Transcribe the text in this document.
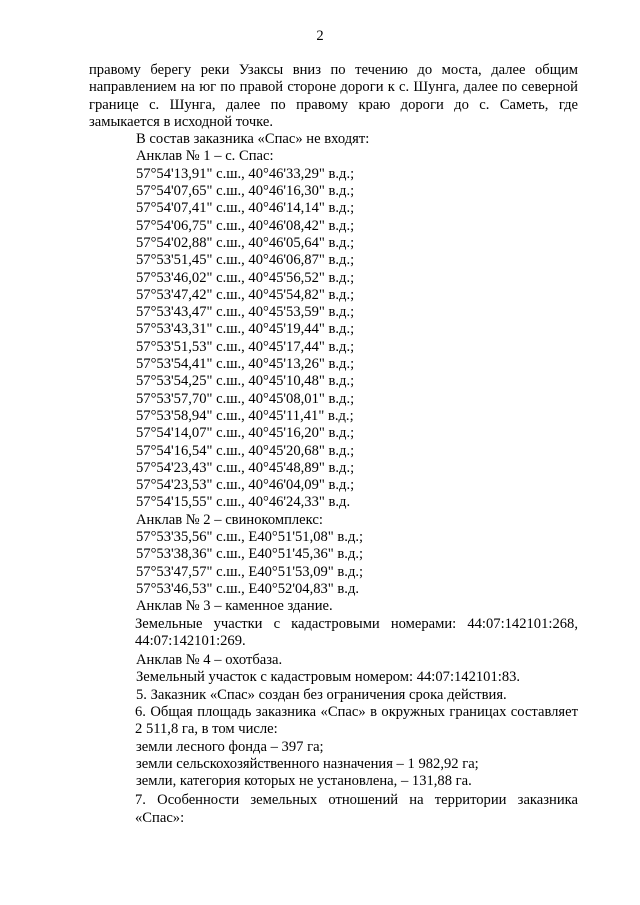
2

правому берегу реки Узаксы вниз по течению до моста, далее общим направлением на юг по правой стороне дороги к с. Шунга, далее по северной границе с. Шунга, далее по правому краю дороги до с. Саметь, где замыкается в исходной точке.

В состав заказника «Спас» не входят:

Анклав № 1 – с. Спас:

57°54'13,91" с.ш., 40°46'33,29" в.д.;
57°54'07,65" с.ш., 40°46'16,30" в.д.;
57°54'07,41" с.ш., 40°46'14,14" в.д.;
57°54'06,75" с.ш., 40°46'08,42" в.д.;
57°54'02,88" с.ш., 40°46'05,64" в.д.;
57°53'51,45" с.ш., 40°46'06,87" в.д.;
57°53'46,02" с.ш., 40°45'56,52" в.д.;
57°53'47,42" с.ш., 40°45'54,82" в.д.;
57°53'43,47" с.ш., 40°45'53,59" в.д.;
57°53'43,31" с.ш., 40°45'19,44" в.д.;
57°53'51,53" с.ш., 40°45'17,44" в.д.;
57°53'54,41" с.ш., 40°45'13,26" в.д.;
57°53'54,25" с.ш., 40°45'10,48" в.д.;
57°53'57,70" с.ш., 40°45'08,01" в.д.;
57°53'58,94" с.ш., 40°45'11,41" в.д.;
57°54'14,07" с.ш., 40°45'16,20" в.д.;
57°54'16,54" с.ш., 40°45'20,68" в.д.;
57°54'23,43" с.ш., 40°45'48,89" в.д.;
57°54'23,53" с.ш., 40°46'04,09" в.д.;
57°54'15,55" с.ш., 40°46'24,33" в.д.

Анклав № 2 – свинокомплекс:

57°53'35,56" с.ш., Е40°51'51,08" в.д.;
57°53'38,36" с.ш., Е40°51'45,36" в.д.;
57°53'47,57" с.ш., Е40°51'53,09" в.д.;
57°53'46,53" с.ш., Е40°52'04,83" в.д.

Анклав № 3 – каменное здание.

Земельные участки с кадастровыми номерами: 44:07:142101:268, 44:07:142101:269.

Анклав № 4 – охотбаза.

Земельный участок с кадастровым номером: 44:07:142101:83.

5. Заказник «Спас» создан без ограничения срока действия.

6. Общая площадь заказника «Спас» в окружных границах составляет 2 511,8 га, в том числе:

земли лесного фонда – 397 га;

земли сельскохозяйственного назначения – 1 982,92 га;

земли, категория которых не установлена, – 131,88 га.

7. Особенности земельных отношений на территории заказника «Спас»:
